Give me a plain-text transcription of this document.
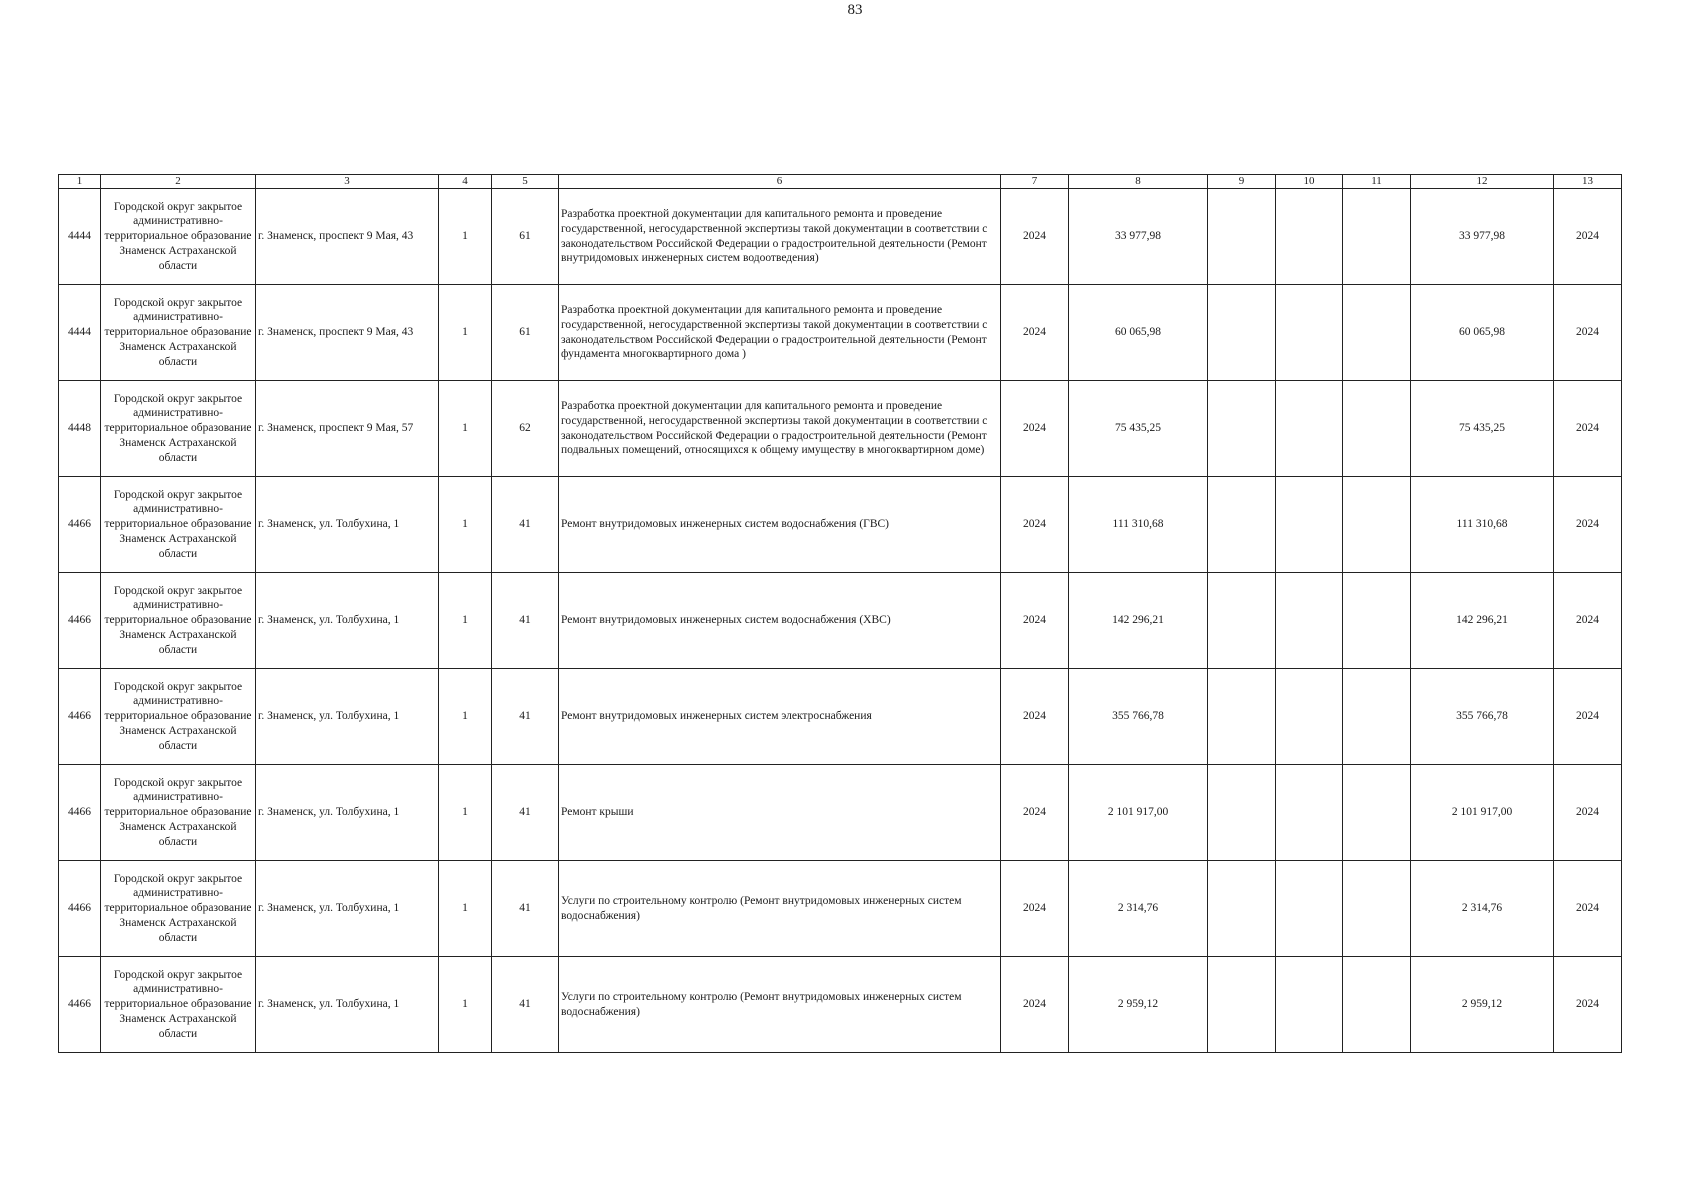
83
1	2	3	4	5	6	7	8	9	10	11	12	13
4444	Городской округ закрытое административно-территориальное образование Знаменск Астраханской области	г. Знаменск, проспект 9 Мая, 43	1	61	Разработка проектной документации для капитального ремонта и проведение государственной, негосударственной экспертизы такой документации в соответствии с законодательством Российской Федерации о градостроительной деятельности (Ремонт внутридомовых инженерных систем водоотведения)	2024	33 977,98				33 977,98	2024
4444	Городской округ закрытое административно-территориальное образование Знаменск Астраханской области	г. Знаменск, проспект 9 Мая, 43	1	61	Разработка проектной документации для капитального ремонта и проведение государственной, негосударственной экспертизы такой документации в соответствии с законодательством Российской Федерации о градостроительной деятельности (Ремонт фундамента многоквартирного дома )	2024	60 065,98				60 065,98	2024
4448	Городской округ закрытое административно-территориальное образование Знаменск Астраханской области	г. Знаменск, проспект 9 Мая, 57	1	62	Разработка проектной документации для капитального ремонта и проведение государственной, негосударственной экспертизы такой документации в соответствии с законодательством Российской Федерации о градостроительной деятельности (Ремонт подвальных помещений, относящихся к общему имуществу в многоквартирном доме)	2024	75 435,25				75 435,25	2024
4466	Городской округ закрытое административно-территориальное образование Знаменск Астраханской области	г. Знаменск, ул. Толбухина, 1	1	41	Ремонт внутридомовых инженерных систем водоснабжения (ГВС)	2024	111 310,68				111 310,68	2024
4466	Городской округ закрытое административно-территориальное образование Знаменск Астраханской области	г. Знаменск, ул. Толбухина, 1	1	41	Ремонт внутридомовых инженерных систем водоснабжения (ХВС)	2024	142 296,21				142 296,21	2024
4466	Городской округ закрытое административно-территориальное образование Знаменск Астраханской области	г. Знаменск, ул. Толбухина, 1	1	41	Ремонт внутридомовых инженерных систем электроснабжения	2024	355 766,78				355 766,78	2024
4466	Городской округ закрытое административно-территориальное образование Знаменск Астраханской области	г. Знаменск, ул. Толбухина, 1	1	41	Ремонт крыши	2024	2 101 917,00				2 101 917,00	2024
4466	Городской округ закрытое административно-территориальное образование Знаменск Астраханской области	г. Знаменск, ул. Толбухина, 1	1	41	Услуги по строительному контролю (Ремонт внутридомовых инженерных систем водоснабжения)	2024	2 314,76				2 314,76	2024
4466	Городской округ закрытое административно-территориальное образование Знаменск Астраханской области	г. Знаменск, ул. Толбухина, 1	1	41	Услуги по строительному контролю (Ремонт внутридомовых инженерных систем водоснабжения)	2024	2 959,12				2 959,12	2024
